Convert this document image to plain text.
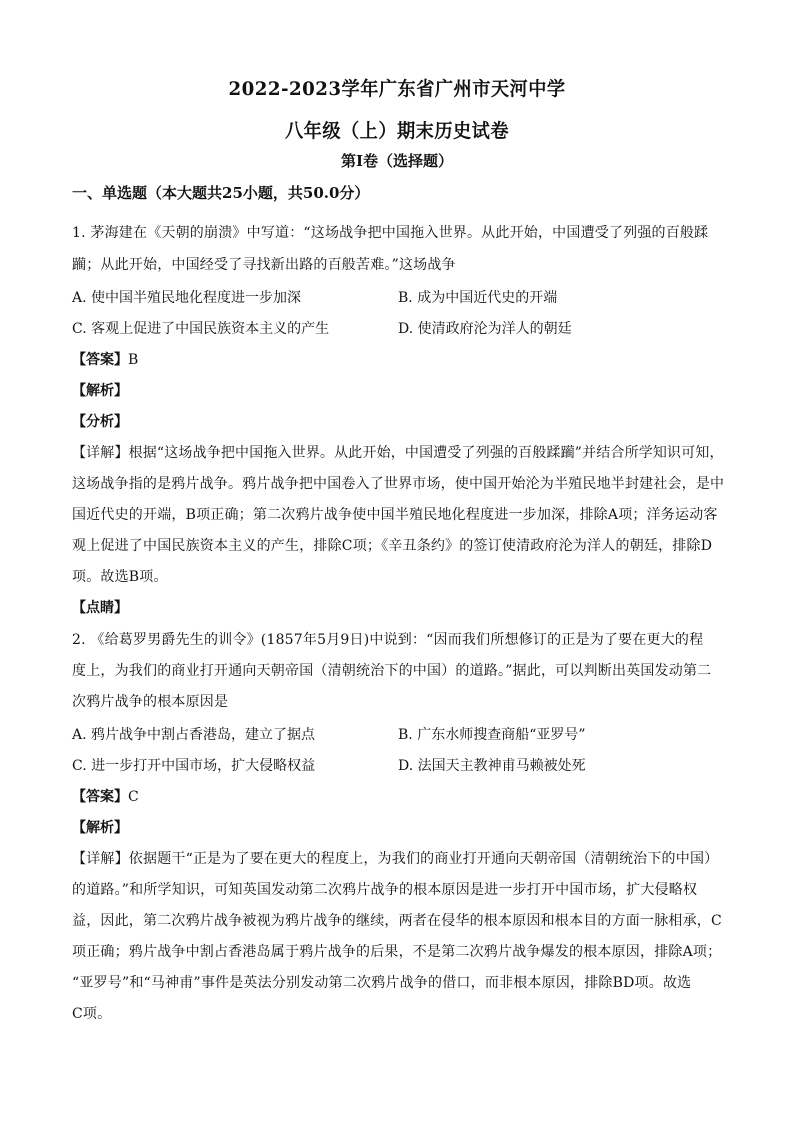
2022-2023学年广东省广州市天河中学
八年级（上）期末历史试卷
第Ⅰ卷（选择题）
一、单选题（本大题共25小题，共50.0分）
1. 茅海建在《天朝的崩溃》中写道：“这场战争把中国拖入世界。从此开始，中国遭受了列强的百般蹂
躏；从此开始，中国经受了寻找新出路的百般苦难。”这场战争
A. 使中国半殖民地化程度进一步加深	B. 成为中国近代史的开端
C. 客观上促进了中国民族资本主义的产生	D. 使清政府沦为洋人的朝廷
【答案】B
【解析】
【分析】
【详解】根据“这场战争把中国拖入世界。从此开始，中国遭受了列强的百般蹂躏”并结合所学知识可知，
这场战争指的是鸦片战争。鸦片战争把中国卷入了世界市场，使中国开始沦为半殖民地半封建社会，是中
国近代史的开端，B项正确；第二次鸦片战争使中国半殖民地化程度进一步加深，排除A项；洋务运动客
观上促进了中国民族资本主义的产生，排除C项；《辛丑条约》的签订使清政府沦为洋人的朝廷，排除D
项。故选B项。
【点睛】
2. 《给葛罗男爵先生的训令》(1857年5月9日)中说到：“因而我们所想修订的正是为了要在更大的程
度上，为我们的商业打开通向天朝帝国（清朝统治下的中国）的道路。”据此，可以判断出英国发动第二
次鸦片战争的根本原因是
A. 鸦片战争中割占香港岛，建立了据点	B. 广东水师搜查商船“亚罗号”
C. 进一步打开中国市场，扩大侵略权益	D. 法国天主教神甫马赖被处死
【答案】C
【解析】
【详解】依据题干“正是为了要在更大的程度上，为我们的商业打开通向天朝帝国（清朝统治下的中国）
的道路。”和所学知识，可知英国发动第二次鸦片战争的根本原因是进一步打开中国市场，扩大侵略权
益，因此，第二次鸦片战争被视为鸦片战争的继续，两者在侵华的根本原因和根本目的方面一脉相承，C
项正确；鸦片战争中割占香港岛属于鸦片战争的后果，不是第二次鸦片战争爆发的根本原因，排除A项；
“亚罗号”和“马神甫”事件是英法分别发动第二次鸦片战争的借口，而非根本原因，排除BD项。故选
C项。
